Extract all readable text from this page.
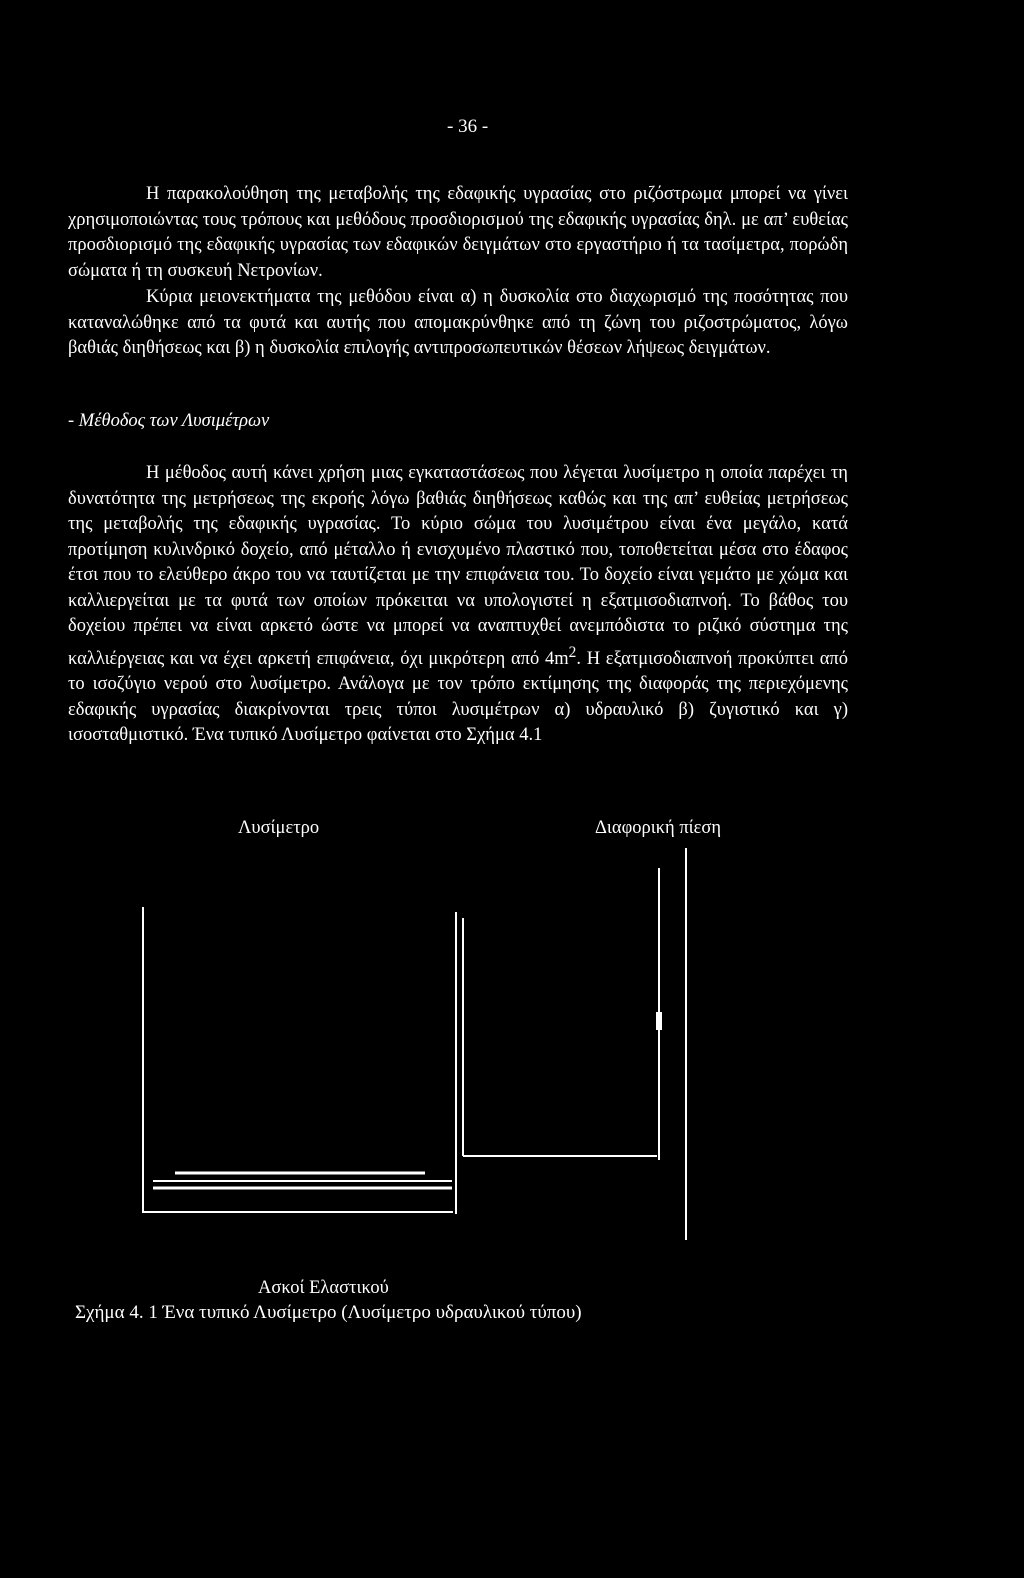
- 36 -

Η παρακολούθηση της μεταβολής της εδαφικής υγρασίας στο ριζόστρωμα μπορεί να γίνει χρησιμοποιώντας τους τρόπους και μεθόδους προσδιορισμού της εδαφικής υγρασίας δηλ. με απ’ ευθείας προσδιορισμό της εδαφικής υγρασίας των εδαφικών δειγμάτων στο εργαστήριο ή τα τασίμετρα, πορώδη σώματα ή τη συσκευή Νετρονίων.

Κύρια μειονεκτήματα της μεθόδου είναι α) η δυσκολία στο διαχωρισμό της ποσότητας που καταναλώθηκε από τα φυτά και αυτής που απομακρύνθηκε από τη ζώνη του ριζοστρώματος, λόγω βαθιάς διηθήσεως και β) η δυσκολία επιλογής αντιπροσωπευτικών θέσεων λήψεως δειγμάτων.

- Μέθοδος των Λυσιμέτρων

Η μέθοδος αυτή κάνει χρήση μιας εγκαταστάσεως που λέγεται λυσίμετρο η οποία παρέχει τη δυνατότητα της μετρήσεως της εκροής λόγω βαθιάς διηθήσεως καθώς και της απ’ ευθείας μετρήσεως της μεταβολής της εδαφικής υγρασίας. Το κύριο σώμα του λυσιμέτρου είναι ένα μεγάλο, κατά προτίμηση κυλινδρικό δοχείο, από μέταλλο ή ενισχυμένο πλαστικό που, τοποθετείται μέσα στο έδαφος έτσι που το ελεύθερο άκρο του να ταυτίζεται με την επιφάνεια του. Το δοχείο είναι γεμάτο με χώμα και καλλιεργείται με τα φυτά των οποίων πρόκειται να υπολογιστεί η εξατμισοδιαπνοή. Το βάθος του δοχείου πρέπει να είναι αρκετό ώστε να μπορεί να αναπτυχθεί ανεμπόδιστα το ριζικό σύστημα της καλλιέργειας και να έχει αρκετή επιφάνεια, όχι μικρότερη από $4m^2$. Η εξατμισοδιαπνοή προκύπτει από το ισοζύγιο νερού στο λυσίμετρο. Ανάλογα με τον τρόπο εκτίμησης της διαφοράς της περιεχόμενης εδαφικής υγρασίας διακρίνονται τρεις τύποι λυσιμέτρων α) υδραυλικό β) ζυγιστικό και γ) ισοσταθμιστικό. Ένα τυπικό Λυσίμετρο φαίνεται στο Σχήμα 4.1

Λυσίμετρο	Διαφορική πίεση
Ασκοί Ελαστικού
Σχήμα 4. 1 Ένα τυπικό Λυσίμετρο (Λυσίμετρο υδραυλικού τύπου)
